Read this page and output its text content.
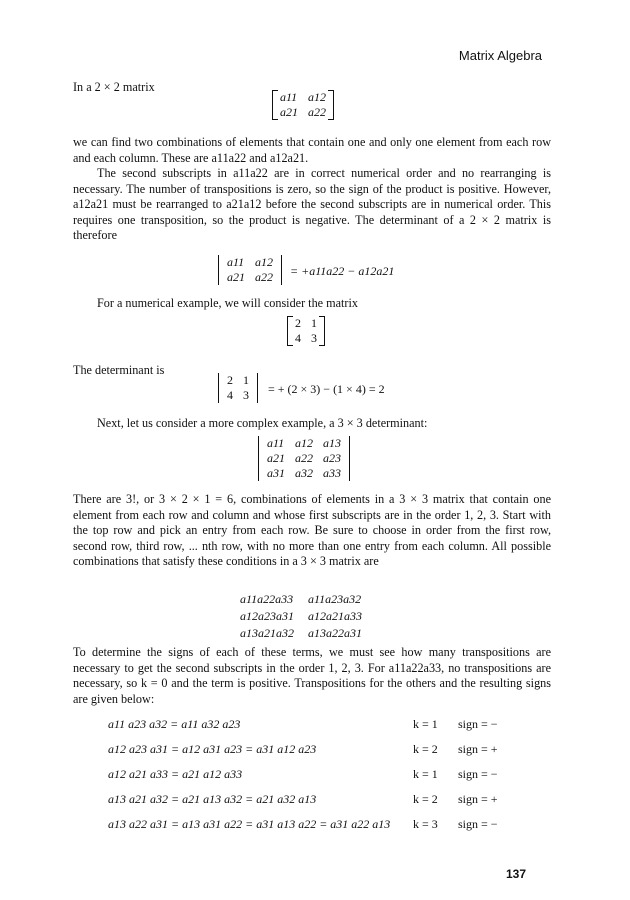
Matrix Algebra
In a 2 × 2 matrix
a11	a12
a21	a22
we can find two combinations of elements that contain one and only one element from each row and each column. These are a11a22 and a12a21.
The second subscripts in a11a22 are in correct numerical order and no rearranging is necessary. The number of transpositions is zero, so the sign of the product is positive. However, a12a21 must be rearranged to a21a12 before the second subscripts are in numerical order. This requires one transposition, so the product is negative. The determinant of a 2 × 2 matrix is therefore
a11	a12
a21	a22 = +a11a22 − a12a21
For a numerical example, we will consider the matrix
2	1
4	3
The determinant is
2	1
4	3 = + (2 × 3) − (1 × 4) = 2
Next, let us consider a more complex example, a 3 × 3 determinant:
a11	a12	a13
a21	a22	a23
a31	a32	a33
There are 3!, or 3 × 2 × 1 = 6, combinations of elements in a 3 × 3 matrix that contain one element from each row and column and whose first subscripts are in the order 1, 2, 3. Start with the top row and pick an entry from each row. Be sure to choose in order from the first row, second row, third row, ... nth row, with no more than one entry from each column. All possible combinations that satisfy these conditions in a 3 × 3 matrix are
a11a22a33	a11a23a32
a12a23a31	a12a21a33
a13a21a32	a13a22a31
To determine the signs of each of these terms, we must see how many transpositions are necessary to get the second subscripts in the order 1, 2, 3. For a11a22a33, no transpositions are necessary, so k = 0 and the term is positive. Transpositions for the others and the resulting signs are given below:
a11 a23 a32 = a11 a32 a23	k = 1 sign = −
a12 a23 a31 = a12 a31 a23 = a31 a12 a23	k = 2 sign = +
a12 a21 a33 = a21 a12 a33	k = 1 sign = −
a13 a21 a32 = a21 a13 a32 = a21 a32 a13	k = 2 sign = +
a13 a22 a31 = a13 a31 a22 = a31 a13 a22 = a31 a22 a13 k = 3 sign = −
137
